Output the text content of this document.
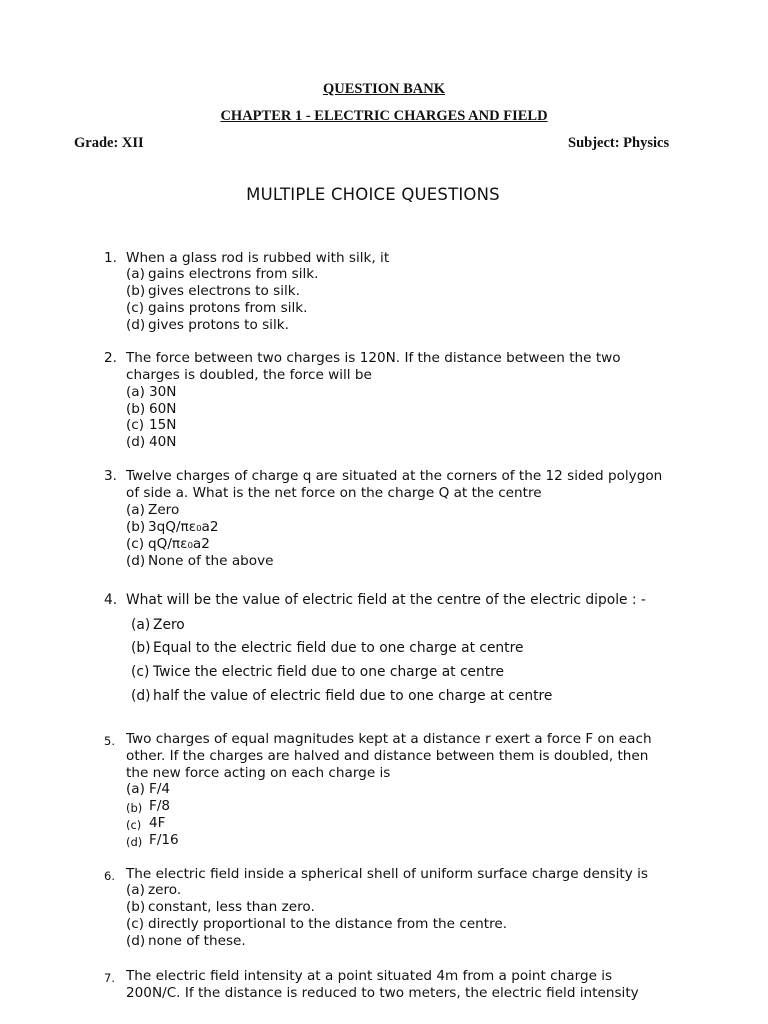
QUESTION BANK
CHAPTER 1 - ELECTRIC CHARGES AND FIELD
Grade: XII	Subject: Physics
MULTIPLE CHOICE QUESTIONS
1. When a glass rod is rubbed with silk, it
(a) gains electrons from silk.
(b) gives electrons to silk.
(c) gains protons from silk.
(d) gives protons to silk.
2. The force between two charges is 120N. If the distance between the two
charges is doubled, the force will be
(a) 30N
(b) 60N
(c) 15N
(d) 40N
3. Twelve charges of charge q are situated at the corners of the 12 sided polygon
of side a. What is the net force on the charge Q at the centre
(a) Zero
(b) 3qQ/πε₀a2
(c) qQ/πε₀a2
(d) None of the above
4. What will be the value of electric field at the centre of the electric dipole : -
(a) Zero
(b) Equal to the electric field due to one charge at centre
(c) Twice the electric field due to one charge at centre
(d) half the value of electric field due to one charge at centre
5. Two charges of equal magnitudes kept at a distance r exert a force F on each
other. If the charges are halved and distance between them is doubled, then
the new force acting on each charge is
(a) F/4
(b) F/8
(c) 4F
(d) F/16
6. The electric field inside a spherical shell of uniform surface charge density is
(a) zero.
(b) constant, less than zero.
(c) directly proportional to the distance from the centre.
(d) none of these.
7. The electric field intensity at a point situated 4m from a point charge is
200N/C. If the distance is reduced to two meters, the electric field intensity
